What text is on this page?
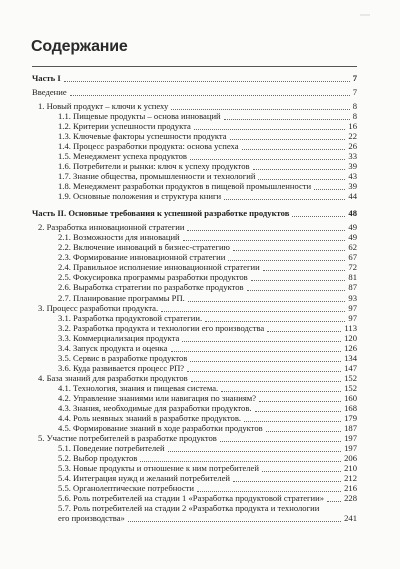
Содержание
Часть I	7
Введение	7
1. Новый продукт – ключи к успеху	8
1.1. Пищевые продукты – основа инноваций	8
1.2. Критерии успешности продукта	16
1.3. Ключевые факторы успешности продукта	22
1.4. Процесс разработки продукта: основа успеха	26
1.5. Менеджмент успеха продуктов	33
1.6. Потребители и рынки: ключ к успеху продуктов	39
1.7. Знание общества, промышленности и технологий	43
1.8. Менеджмент разработки продуктов в пищевой промышленности	39
1.9. Основные положения и структура книги	44
Часть II. Основные требования к успешной разработке продуктов	48
2. Разработка инновационной стратегии	49
2.1. Возможности для инноваций	49
2.2. Включение инноваций в бизнес-стратегию	62
2.3. Формирование инновационной стратегии	67
2.4. Правильное исполнение инновационной стратегии	72
2.5. Фокусировка программы разработки продуктов	81
2.6. Выработка стратегии по разработке продуктов	87
2.7. Планирование программы РП.	93
3. Процесс разработки продукта.	97
3.1. Разработка продуктовой стратегии.	97
3.2. Разработка продукта и технологии его производства	113
3.3. Коммерциализация продукта	120
3.4. Запуск продукта и оценка	126
3.5. Сервис в разработке продуктов	134
3.6. Куда развивается процесс РП?	147
4. База знаний для разработки продуктов	152
4.1. Технология, знания и пищевая система.	152
4.2. Управление знаниями или навигация по знаниям?	160
4.3. Знания, необходимые для разработки продуктов.	168
4.4. Роль неявных знаний в разработке продуктов.	179
4.5. Формирование знаний в ходе разработки продуктов	187
5. Участие потребителей в разработке продуктов	197
5.1. Поведение потребителей	197
5.2. Выбор продуктов	206
5.3. Новые продукты и отношение к ним потребителей	210
5.4. Интеграция нужд и желаний потребителей	212
5.5. Органолептические потребности	216
5.6. Роль потребителей на стадии 1 «Разработка продуктовой стратегии» 228
5.7. Роль потребителей на стадии 2 «Разработка продукта и технологии
его производства»	241
